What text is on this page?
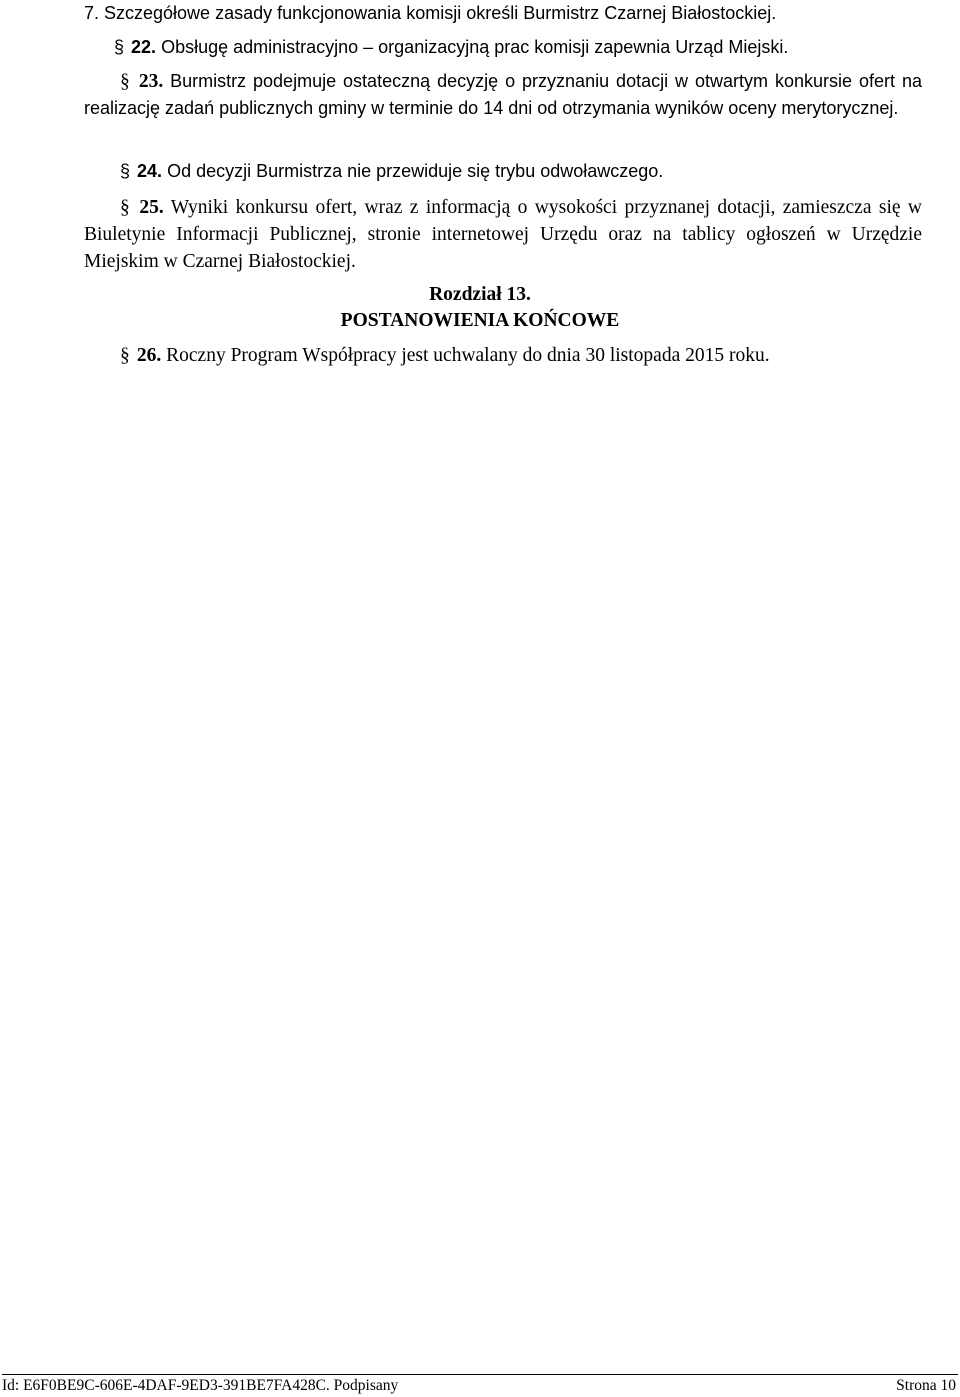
7. Szczegółowe zasady funkcjonowania komisji określi Burmistrz Czarnej Białostockiej.
§ 22. Obsługę administracyjno – organizacyjną prac komisji zapewnia Urząd Miejski.
§ 23. Burmistrz podejmuje ostateczną decyzję o przyznaniu dotacji w otwartym konkursie ofert na realizację zadań publicznych gminy w terminie do 14 dni od otrzymania wyników oceny merytorycznej.
§ 24. Od decyzji Burmistrza nie przewiduje się trybu odwoławczego.
§ 25. Wyniki konkursu ofert, wraz z informacją o wysokości przyznanej dotacji, zamieszcza się w Biuletynie Informacji Publicznej, stronie internetowej Urzędu oraz na tablicy ogłoszeń w Urzędzie Miejskim w Czarnej Białostockiej.
Rozdział 13.
POSTANOWIENIA KOŃCOWE
§ 26. Roczny Program Współpracy jest uchwalany do dnia 30 listopada 2015 roku.
Id: E6F0BE9C-606E-4DAF-9ED3-391BE7FA428C. Podpisany	Strona 10
